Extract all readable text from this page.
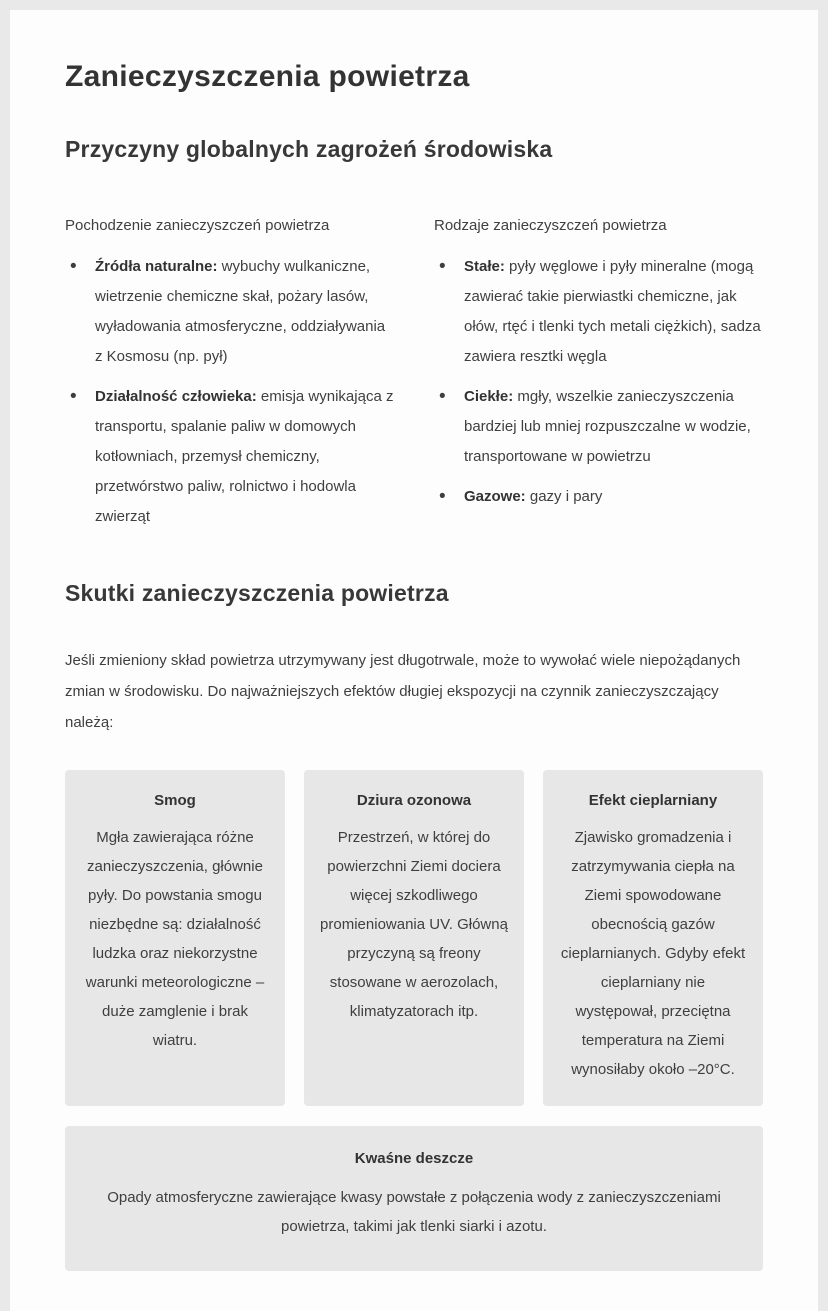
Zanieczyszczenia powietrza
Przyczyny globalnych zagrożeń środowiska

Pochodzenie zanieczyszczeń powietrza

• Źródła naturalne: wybuchy wulkaniczne, wietrzenie chemiczne skał, pożary lasów, wyładowania atmosferyczne, oddziaływania z Kosmosu (np. pył)
• Działalność człowieka: emisja wynikająca z transportu, spalanie paliw w domowych kotłowniach, przemysł chemiczny, przetwórstwo paliw, rolnictwo i hodowla zwierząt

Rodzaje zanieczyszczeń powietrza

• Stałe: pyły węglowe i pyły mineralne (mogą zawierać takie pierwiastki chemiczne, jak ołów, rtęć i tlenki tych metali ciężkich), sadza zawiera resztki węgla
• Ciekłe: mgły, wszelkie zanieczyszczenia bardziej lub mniej rozpuszczalne w wodzie, transportowane w powietrzu
• Gazowe: gazy i pary
Skutki zanieczyszczenia powietrza

Jeśli zmieniony skład powietrza utrzymywany jest długotrwale, może to wywołać wiele niepożądanych zmian w środowisku. Do najważniejszych efektów długiej ekspozycji na czynnik zanieczyszczający należą:

Smog

Mgła zawierająca różne zanieczyszczenia, głównie pyły. Do powstania smogu niezbędne są: działalność ludzka oraz niekorzystne warunki meteorologiczne – duże zamglenie i brak wiatru.

Dziura ozonowa

Przestrzeń, w której do powierzchni Ziemi dociera więcej szkodliwego promieniowania UV. Główną przyczyną są freony stosowane w aerozolach, klimatyzatorach itp.

Efekt cieplarniany

Zjawisko gromadzenia i zatrzymywania ciepła na Ziemi spowodowane obecnością gazów cieplarnianych. Gdyby efekt cieplarniany nie występował, przeciętna temperatura na Ziemi wynosiłaby około –20°C.

Kwaśne deszcze

Opady atmosferyczne zawierające kwasy powstałe z połączenia wody z zanieczyszczeniami powietrza, takimi jak tlenki siarki i azotu.
